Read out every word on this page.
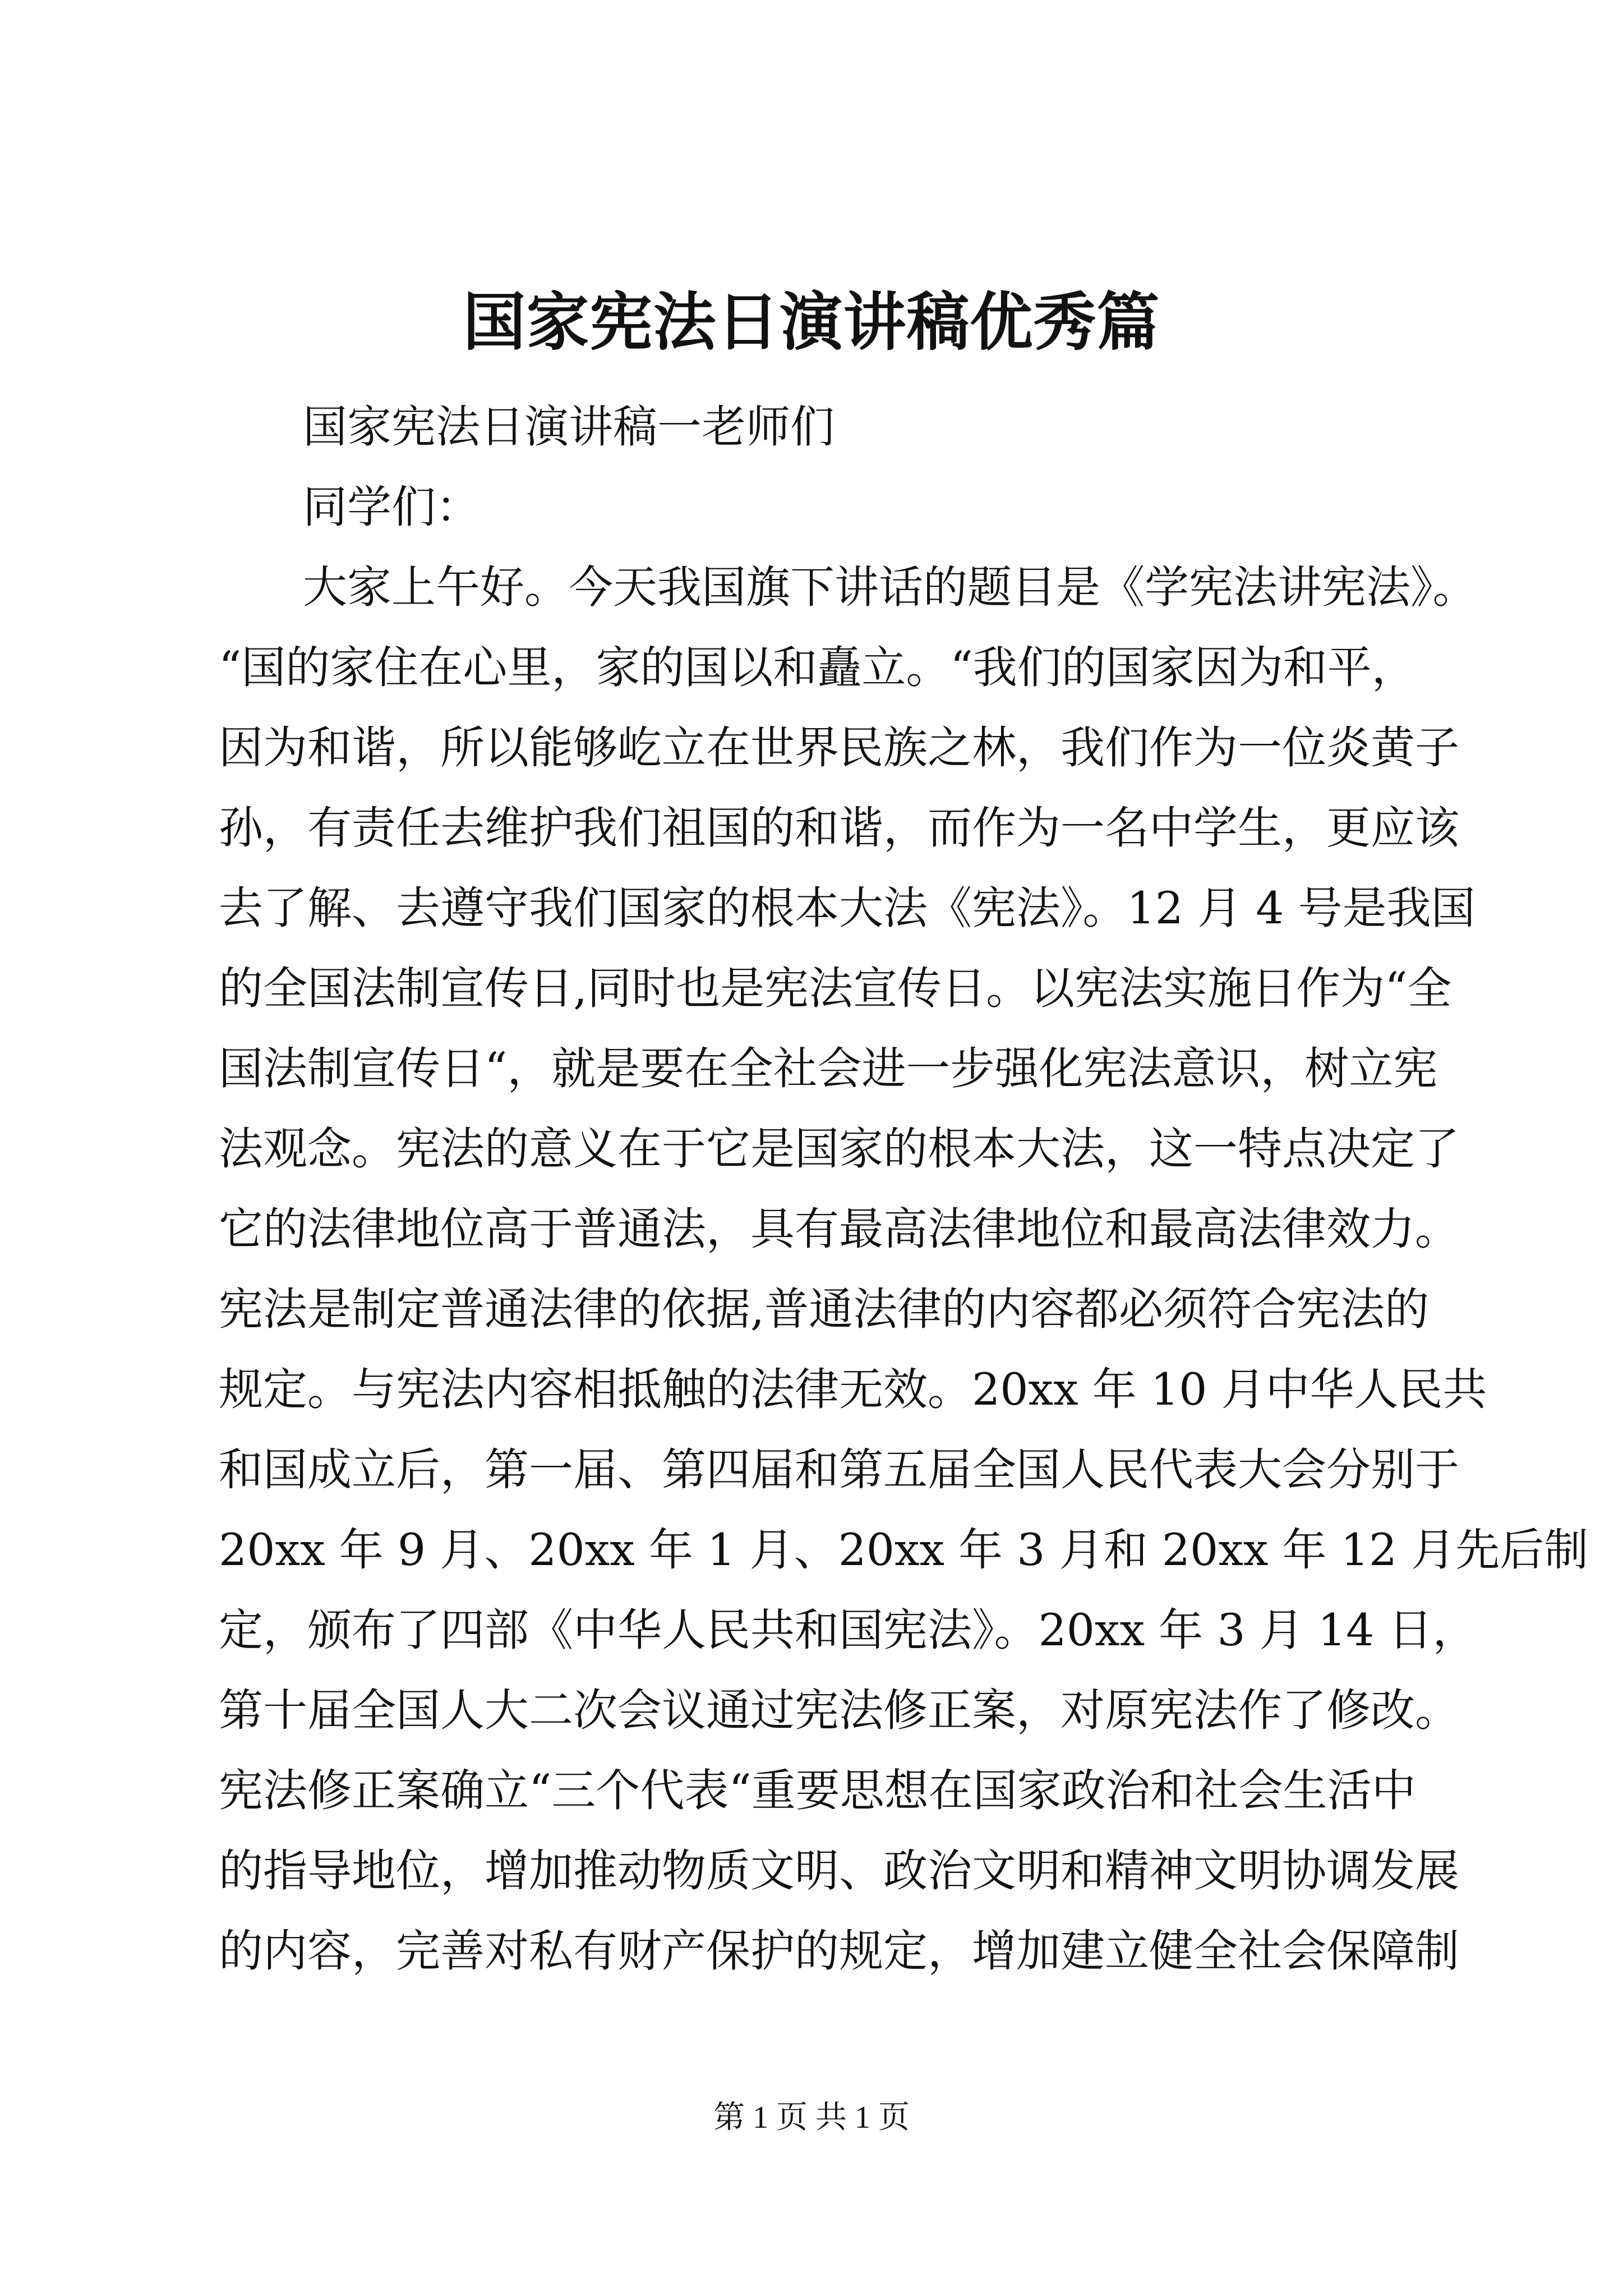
国家宪法日演讲稿优秀篇
国家宪法日演讲稿一老师们
同学们：
大家上午好。今天我国旗下讲话的题目是《学宪法讲宪法》。
“国的家住在心里，家的国以和矗立。“我们的国家因为和平，
因为和谐，所以能够屹立在世界民族之林，我们作为一位炎黄子
孙，有责任去维护我们祖国的和谐，而作为一名中学生，更应该
去了解、去遵守我们国家的根本大法《宪法》。12 月 4 号是我国
的全国法制宣传日,同时也是宪法宣传日。以宪法实施日作为“全
国法制宣传日“，就是要在全社会进一步强化宪法意识，树立宪
法观念。宪法的意义在于它是国家的根本大法，这一特点决定了
它的法律地位高于普通法，具有最高法律地位和最高法律效力。
宪法是制定普通法律的依据,普通法律的内容都必须符合宪法的
规定。与宪法内容相抵触的法律无效。20xx 年 10 月中华人民共
和国成立后，第一届、第四届和第五届全国人民代表大会分别于
20xx 年 9 月、20xx 年 1 月、20xx 年 3 月和 20xx 年 12 月先后制
定，颁布了四部《中华人民共和国宪法》。20xx 年 3 月 14 日，
第十届全国人大二次会议通过宪法修正案，对原宪法作了修改。
宪法修正案确立“三个代表“重要思想在国家政治和社会生活中
的指导地位，增加推动物质文明、政治文明和精神文明协调发展
的内容，完善对私有财产保护的规定，增加建立健全社会保障制
第 1 页 共 1 页
